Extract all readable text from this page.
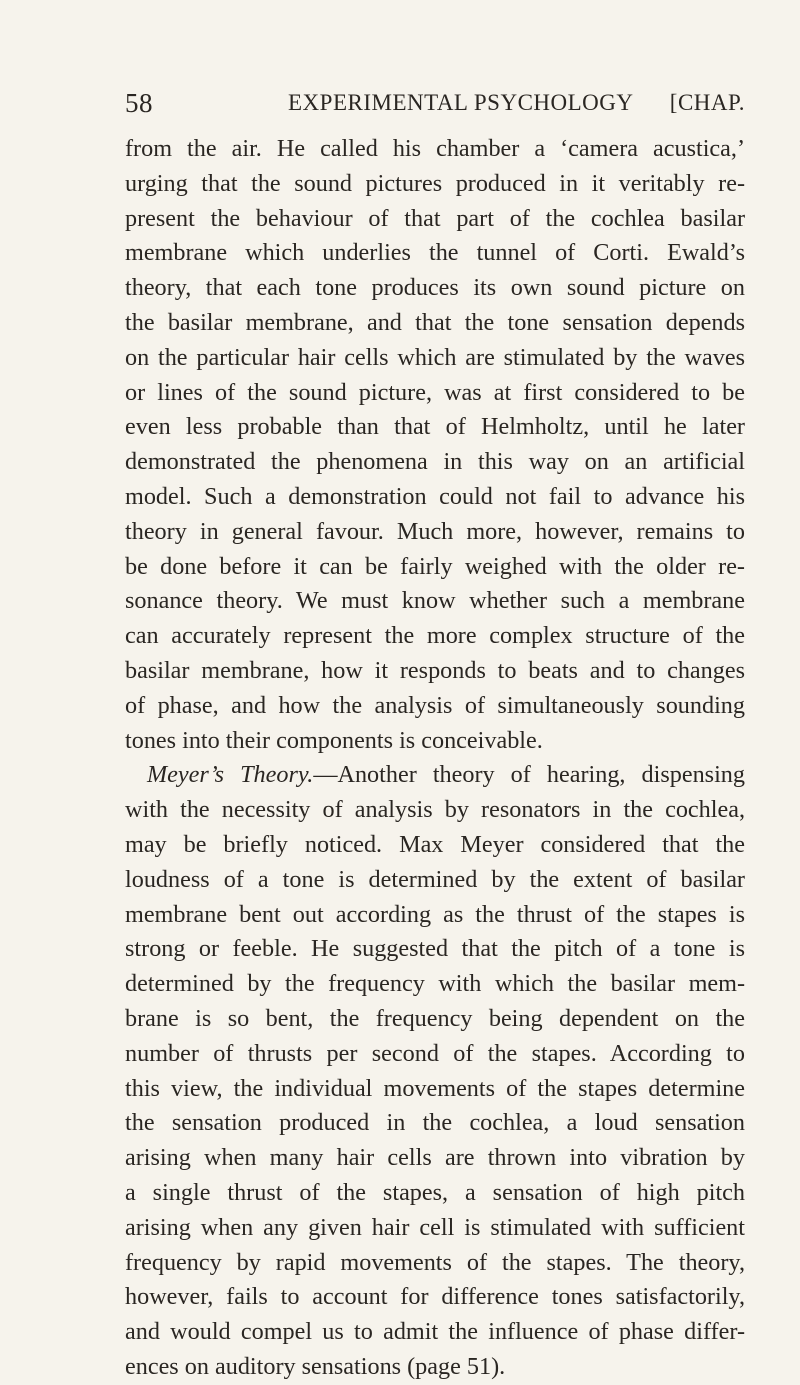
58	EXPERIMENTAL PSYCHOLOGY [CHAP.
from the air. He called his chamber a ‘camera acustica,’
urging that the sound pictures produced in it veritably re-
present the behaviour of that part of the cochlea basilar
membrane which underlies the tunnel of Corti. Ewald’s
theory, that each tone produces its own sound picture on
the basilar membrane, and that the tone sensation depends
on the particular hair cells which are stimulated by the waves
or lines of the sound picture, was at first considered to be
even less probable than that of Helmholtz, until he later
demonstrated the phenomena in this way on an artificial
model. Such a demonstration could not fail to advance his
theory in general favour. Much more, however, remains to
be done before it can be fairly weighed with the older re-
sonance theory. We must know whether such a membrane
can accurately represent the more complex structure of the
basilar membrane, how it responds to beats and to changes
of phase, and how the analysis of simultaneously sounding
tones into their components is conceivable.
Meyer’s Theory.—Another theory of hearing, dispensing
with the necessity of analysis by resonators in the cochlea,
may be briefly noticed. Max Meyer considered that the
loudness of a tone is determined by the extent of basilar
membrane bent out according as the thrust of the stapes is
strong or feeble. He suggested that the pitch of a tone is
determined by the frequency with which the basilar mem-
brane is so bent, the frequency being dependent on the
number of thrusts per second of the stapes. According to
this view, the individual movements of the stapes determine
the sensation produced in the cochlea, a loud sensation
arising when many hair cells are thrown into vibration by
a single thrust of the stapes, a sensation of high pitch
arising when any given hair cell is stimulated with sufficient
frequency by rapid movements of the stapes. The theory,
however, fails to account for difference tones satisfactorily,
and would compel us to admit the influence of phase differ-
ences on auditory sensations (page 51).
